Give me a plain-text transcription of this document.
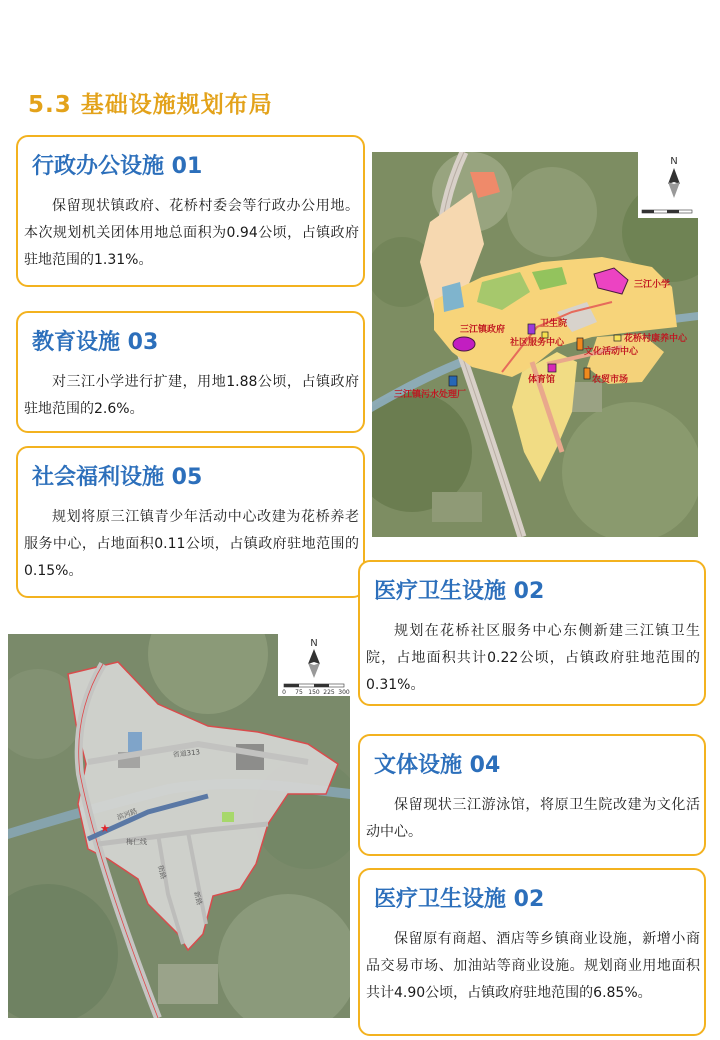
5.3 基础设施规划布局
三江小学
三江镇政府
卫生院
社区服务中心	花桥村康养中心
文化活动中心
体育馆	农贸市场
三江镇污水处理厂
N
省道313
滨河路
梅仁线
街路
新路
★
N
0 75 150 225 300
行政办公设施 01
保留现状镇政府、花桥村委会等行政办公用地。本次规划机关团体用地总面积为0.94公顷，占镇政府驻地范围的1.31%。
教育设施 03
对三江小学进行扩建，用地1.88公顷，占镇政府驻地范围的2.6%。
社会福利设施 05
规划将原三江镇青少年活动中心改建为花桥养老服务中心，占地面积0.11公顷，占镇政府驻地范围的0.15%。
医疗卫生设施 02
规划在花桥社区服务中心东侧新建三江镇卫生院，占地面积共计0.22公顷，占镇政府驻地范围的0.31%。
文体设施 04
保留现状三江游泳馆，将原卫生院改建为文化活动中心。
医疗卫生设施 02
保留原有商超、酒店等乡镇商业设施，新增小商品交易市场、加油站等商业设施。规划商业用地面积共计4.90公顷，占镇政府驻地范围的6.85%。
